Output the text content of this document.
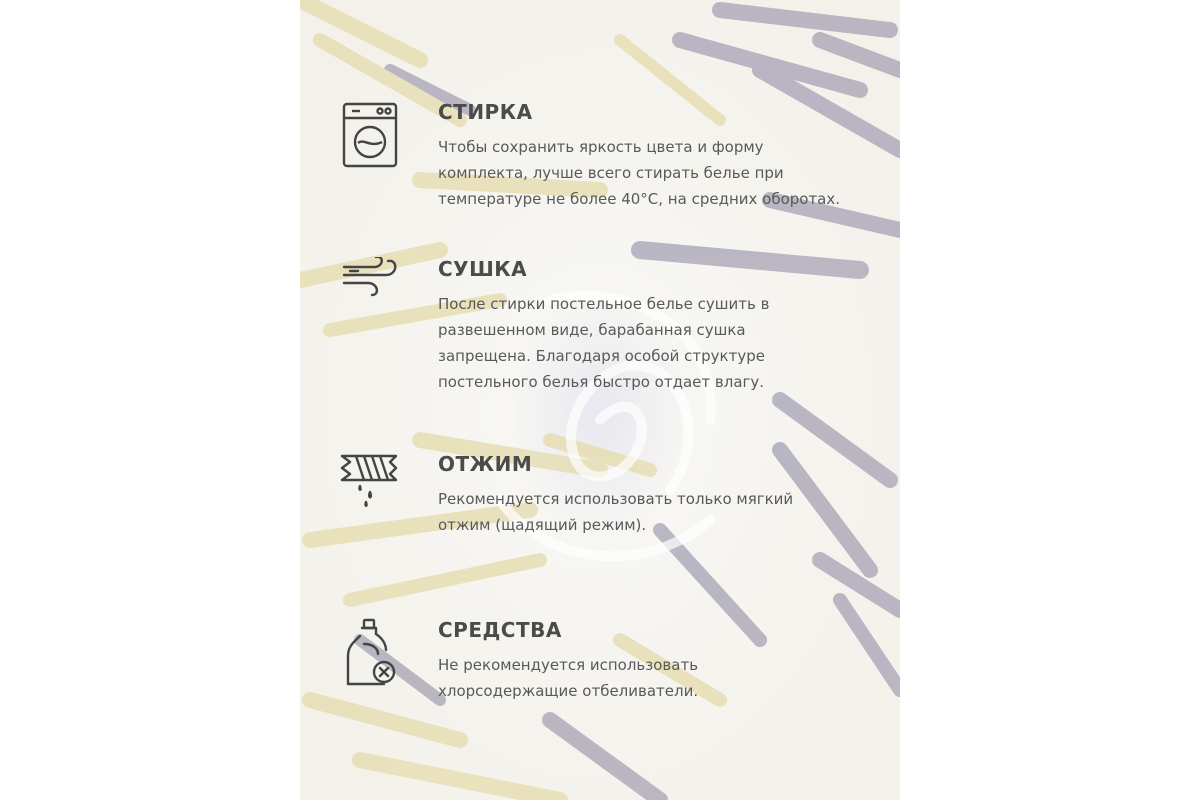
СТИРКА
Чтобы сохранить яркость цвета и форму
комплекта, лучше всего стирать белье при
температуре не более 40°С, на средних оборотах.
СУШКА
После стирки постельное белье сушить в
развешенном виде, барабанная сушка
запрещена. Благодаря особой структуре
постельного белья быстро отдает влагу.
ОТЖИМ
Рекомендуется использовать только мягкий
отжим (щадящий режим).
СРЕДСТВА
Не рекомендуется использовать
хлорсодержащие отбеливатели.
